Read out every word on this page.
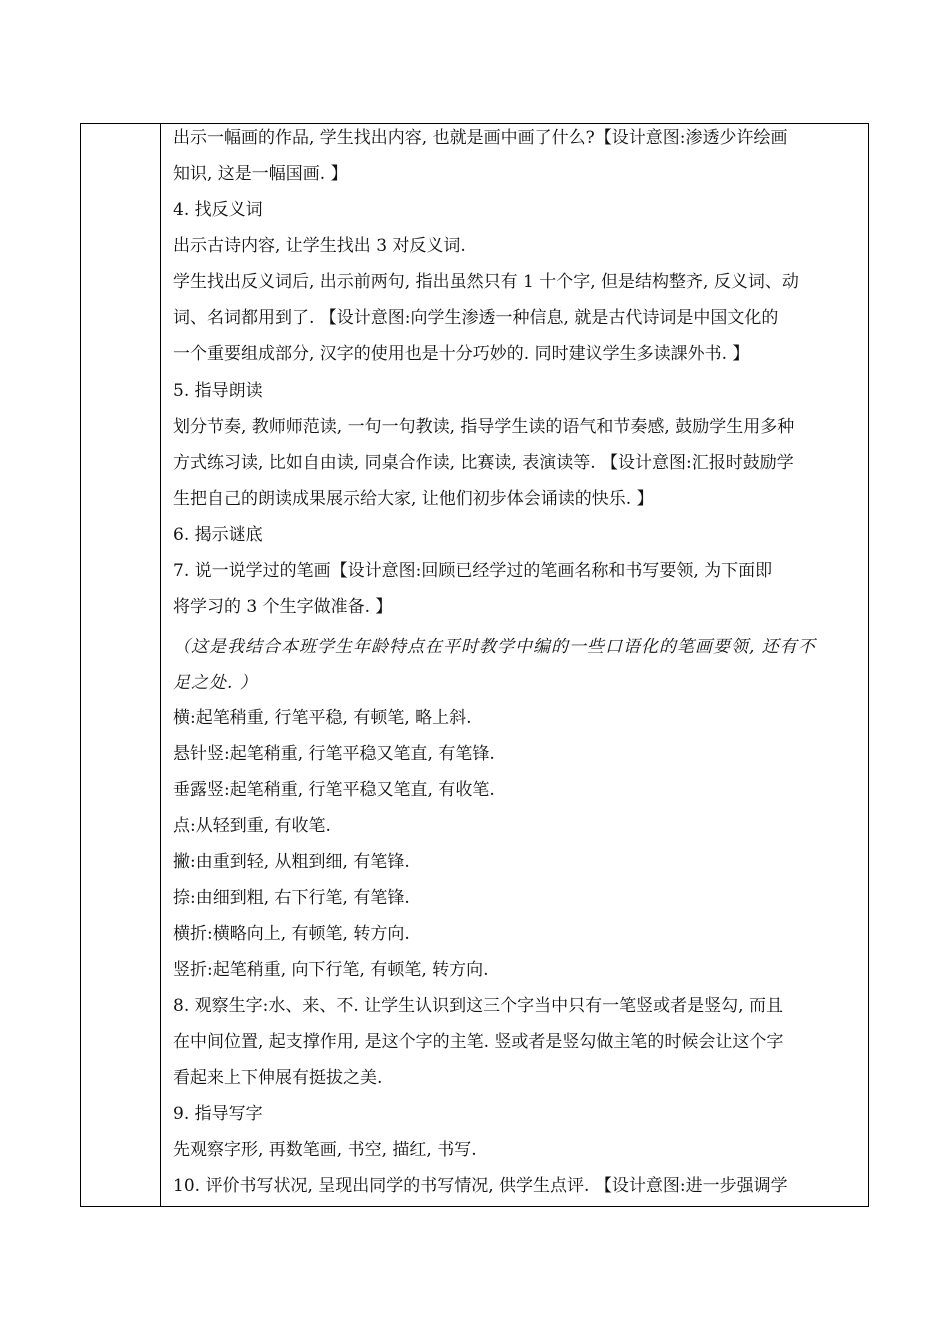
出示一幅画的作品, 学生找出内容, 也就是画中画了什么?【设计意图:渗透少许绘画
知识, 这是一幅国画. 】
4. 找反义词
出示古诗内容, 让学生找出 3 对反义词.
学生找出反义词后, 出示前两句, 指出虽然只有 1 十个字, 但是结构整齐, 反义词、动
词、名词都用到了. 【设计意图:向学生渗透一种信息, 就是古代诗词是中国文化的
一个重要组成部分, 汉字的使用也是十分巧妙的. 同时建议学生多读課外书. 】
5. 指导朗读
划分节奏, 教师师范读, 一句一句教读, 指导学生读的语气和节奏感, 鼓励学生用多种
方式练习读, 比如自由读, 同桌合作读, 比赛读, 表演读等. 【设计意图:汇报时鼓励学
生把自己的朗读成果展示给大家, 让他们初步体会诵读的快乐. 】
6. 揭示谜底
7. 说一说学过的笔画【设计意图:回顾已经学过的笔画名称和书写要领, 为下面即
将学习的 3 个生字做准备. 】
（这是我结合本班学生年龄特点在平时教学中编的一些口语化的笔画要领, 还有不
足之处. ）
横:起笔稍重, 行笔平稳, 有顿笔, 略上斜.
悬针竖:起笔稍重, 行笔平稳又笔直, 有笔锋.
垂露竖:起笔稍重, 行笔平稳又笔直, 有收笔.
点:从轻到重, 有收笔.
撇:由重到轻, 从粗到细, 有笔锋.
捺:由细到粗, 右下行笔, 有笔锋.
横折:横略向上, 有顿笔, 转方向.
竖折:起笔稍重, 向下行笔, 有顿笔, 转方向.
8. 观察生字:水、来、不. 让学生认识到这三个字当中只有一笔竖或者是竖勾, 而且
在中间位置, 起支撑作用, 是这个字的主笔. 竖或者是竖勾做主笔的时候会让这个字
看起来上下伸展有挺拔之美.
9. 指导写字
先观察字形, 再数笔画, 书空, 描红, 书写.
10. 评价书写状况, 呈现出同学的书写情况, 供学生点评. 【设计意图:进一步强调学
